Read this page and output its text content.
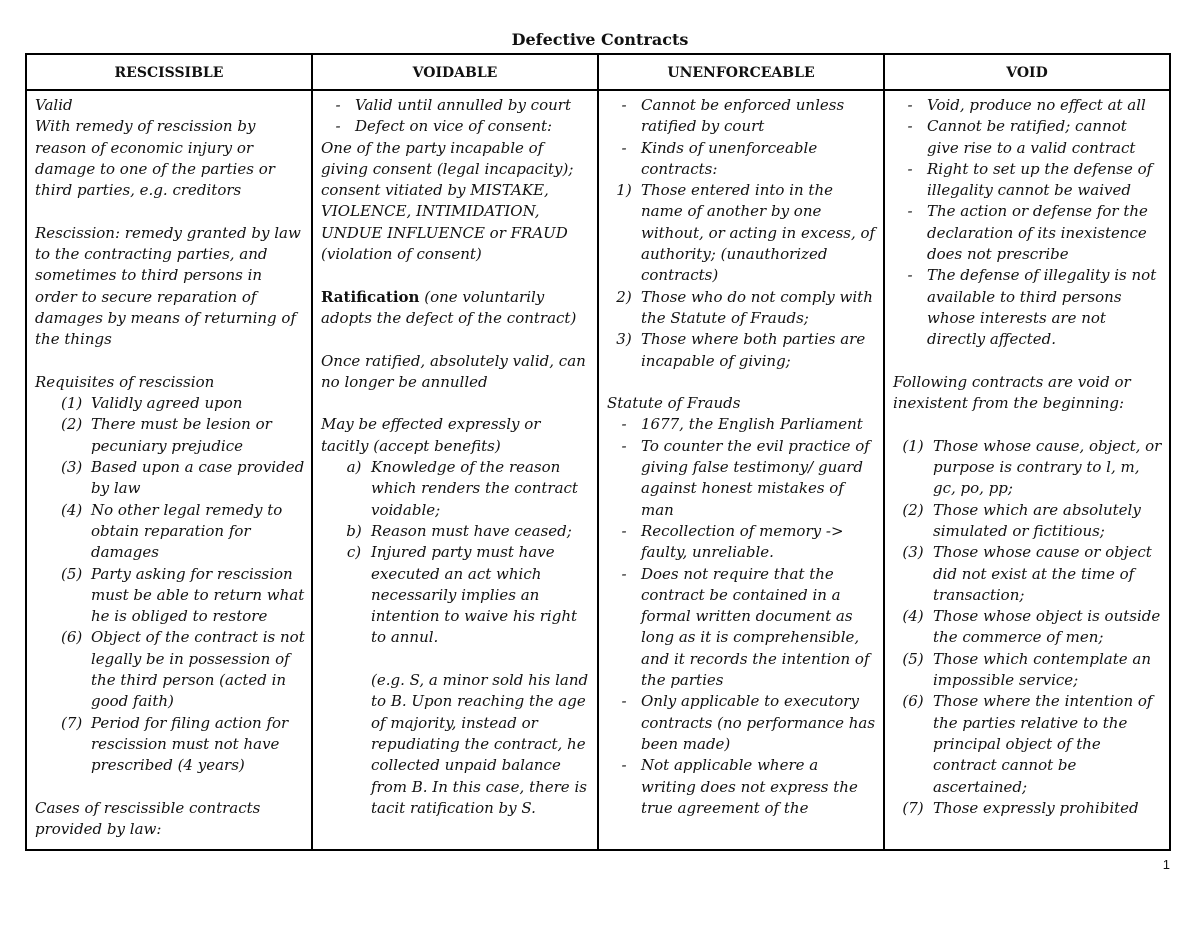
Defective Contracts
RESCISSIBLE

Valid

With remedy of rescission by reason of economic injury or damage to one of the parties or third parties, e.g. creditors

Rescission: remedy granted by law to the contracting parties, and sometimes to third persons in order to secure reparation of damages by means of returning of the things

Requisites of rescission

(1) Validly agreed upon
(2) There must be lesion or pecuniary prejudice
(3) Based upon a case provided by law
(4) No other legal remedy to obtain reparation for damages
(5) Party asking for rescission must be able to return what he is obliged to restore
(6) Object of the contract is not legally be in possession of the third person (acted in good faith)
(7) Period for filing action for rescission must not have prescribed (4 years)

Cases of rescissible contracts provided by law:

VOIDABLE
- Valid until annulled by court
- Defect on vice of consent:

One of the party incapable of giving consent (legal incapacity); consent vitiated by MISTAKE, VIOLENCE, INTIMIDATION, UNDUE INFLUENCE or FRAUD (violation of consent)

Ratification (one voluntarily adopts the defect of the contract)

Once ratified, absolutely valid, can no longer be annulled

May be effected expressly or tacitly (accept benefits)

a) Knowledge of the reason which renders the contract voidable;
b) Reason must have ceased;
c) Injured party must have executed an act which necessarily implies an intention to waive his right to annul.
(e.g. S, a minor sold his land to B. Upon reaching the age of majority, instead or repudiating the contract, he collected unpaid balance from B. In this case, there is tacit ratification by S.
UNENFORCEABLE
- Cannot be enforced unless ratified by court
- Kinds of unenforceable contracts:
1) Those entered into in the name of another by one without, or acting in excess, of authority; (unauthorized contracts)
2) Those who do not comply with the Statute of Frauds;
3) Those where both parties are incapable of giving;

Statute of Frauds

- 1677, the English Parliament
- To counter the evil practice of giving false testimony/ guard against honest mistakes of man
- Recollection of memory -> faulty, unreliable.
- Does not require that the contract be contained in a formal written document as long as it is comprehensible, and it records the intention of the parties
- Only applicable to executory contracts (no performance has been made)
- Not applicable where a writing does not express the true agreement of the
VOID
- Void, produce no effect at all
- Cannot be ratified; cannot give rise to a valid contract
- Right to set up the defense of illegality cannot be waived
- The action or defense for the declaration of its inexistence does not prescribe
- The defense of illegality is not available to third persons whose interests are not directly affected.

Following contracts are void or inexistent from the beginning:

(1) Those whose cause, object, or purpose is contrary to l, m, gc, po, pp;
(2) Those which are absolutely simulated or fictitious;
(3) Those whose cause or object did not exist at the time of transaction;
(4) Those whose object is outside the commerce of men;
(5) Those which contemplate an impossible service;
(6) Those where the intention of the parties relative to the principal object of the contract cannot be ascertained;
(7) Those expressly prohibited
1
